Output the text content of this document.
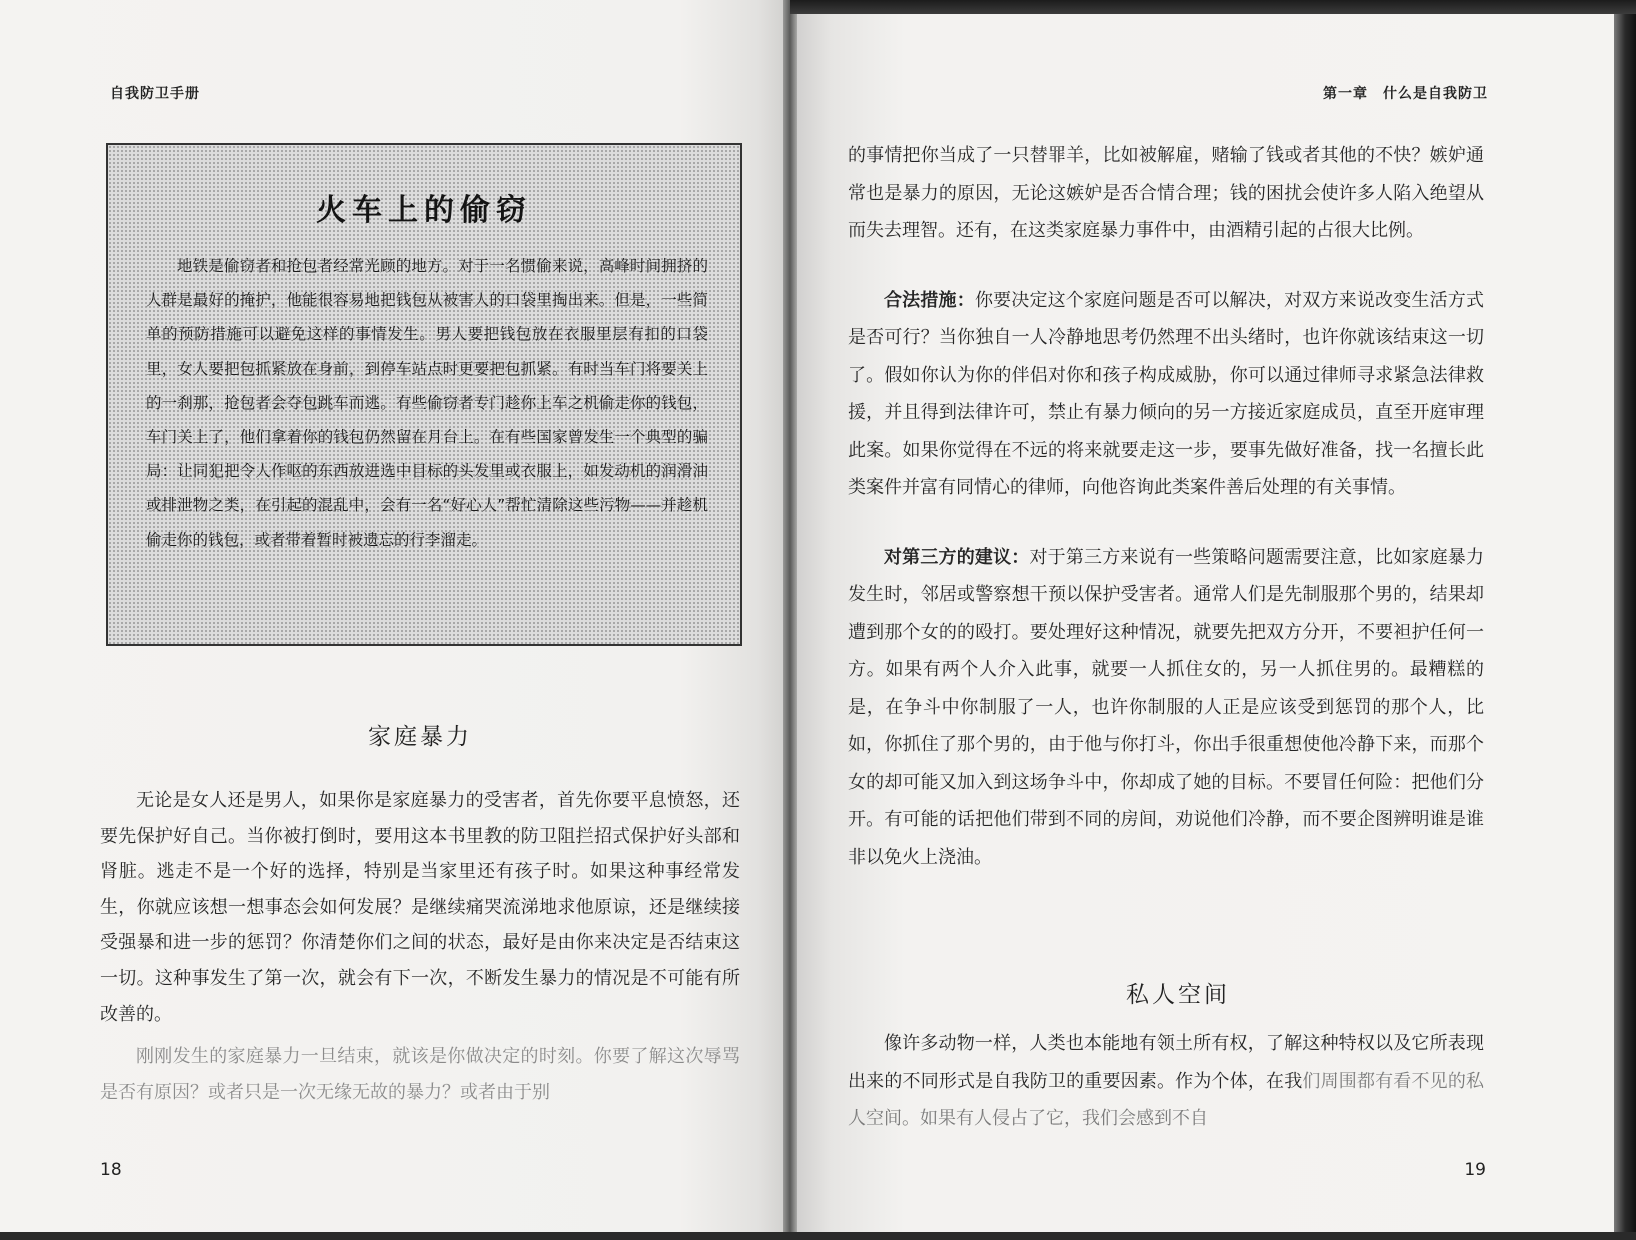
自我防卫手册
火车上的偷窃

地铁是偷窃者和抢包者经常光顾的地方。对于一名惯偷来说，高峰时间拥挤的人群是最好的掩护，他能很容易地把钱包从被害人的口袋里掏出来。但是，一些简单的预防措施可以避免这样的事情发生。男人要把钱包放在衣服里层有扣的口袋里，女人要把包抓紧放在身前，到停车站点时更要把包抓紧。有时当车门将要关上的一刹那，抢包者会夺包跳车而逃。有些偷窃者专门趁你上车之机偷走你的钱包，车门关上了，他们拿着你的钱包仍然留在月台上。在有些国家曾发生一个典型的骗局：让同犯把令人作呕的东西放进选中目标的头发里或衣服上，如发动机的润滑油或排泄物之类，在引起的混乱中，会有一名“好心人”帮忙清除这些污物——并趁机偷走你的钱包，或者带着暂时被遗忘的行李溜走。

家庭暴力

无论是女人还是男人，如果你是家庭暴力的受害者，首先你要平息愤怒，还要先保护好自己。当你被打倒时，要用这本书里教的防卫阻拦招式保护好头部和肾脏。逃走不是一个好的选择，特别是当家里还有孩子时。如果这种事经常发生，你就应该想一想事态会如何发展？是继续痛哭流涕地求他原谅，还是继续接受强暴和进一步的惩罚？你清楚你们之间的状态，最好是由你来决定是否结束这一切。这种事发生了第一次，就会有下一次，不断发生暴力的情况是不可能有所改善的。

刚刚发生的家庭暴力一旦结束，就该是你做决定的时刻。你要了解这次辱骂是否有原因？或者只是一次无缘无故的暴力？或者由于别

18
第一章　什么是自我防卫

的事情把你当成了一只替罪羊，比如被解雇，赌输了钱或者其他的不快？嫉妒通常也是暴力的原因，无论这嫉妒是否合情合理；钱的困扰会使许多人陷入绝望从而失去理智。还有，在这类家庭暴力事件中，由酒精引起的占很大比例。

合法措施：你要决定这个家庭问题是否可以解决，对双方来说改变生活方式是否可行？当你独自一人冷静地思考仍然理不出头绪时，也许你就该结束这一切了。假如你认为你的伴侣对你和孩子构成威胁，你可以通过律师寻求紧急法律救援，并且得到法律许可，禁止有暴力倾向的另一方接近家庭成员，直至开庭审理此案。如果你觉得在不远的将来就要走这一步，要事先做好准备，找一名擅长此类案件并富有同情心的律师，向他咨询此类案件善后处理的有关事情。

对第三方的建议：对于第三方来说有一些策略问题需要注意，比如家庭暴力发生时，邻居或警察想干预以保护受害者。通常人们是先制服那个男的，结果却遭到那个女的的殴打。要处理好这种情况，就要先把双方分开，不要袒护任何一方。如果有两个人介入此事，就要一人抓住女的，另一人抓住男的。最糟糕的是，在争斗中你制服了一人，也许你制服的人正是应该受到惩罚的那个人，比如，你抓住了那个男的，由于他与你打斗，你出手很重想使他冷静下来，而那个女的却可能又加入到这场争斗中，你却成了她的目标。不要冒任何险：把他们分开。有可能的话把他们带到不同的房间，劝说他们冷静，而不要企图辨明谁是谁非以免火上浇油。

私人空间

像许多动物一样，人类也本能地有领土所有权，了解这种特权以及它所表现出来的不同形式是自我防卫的重要因素。作为个体，在我们周围都有看不见的私人空间。如果有人侵占了它，我们会感到不自

19
